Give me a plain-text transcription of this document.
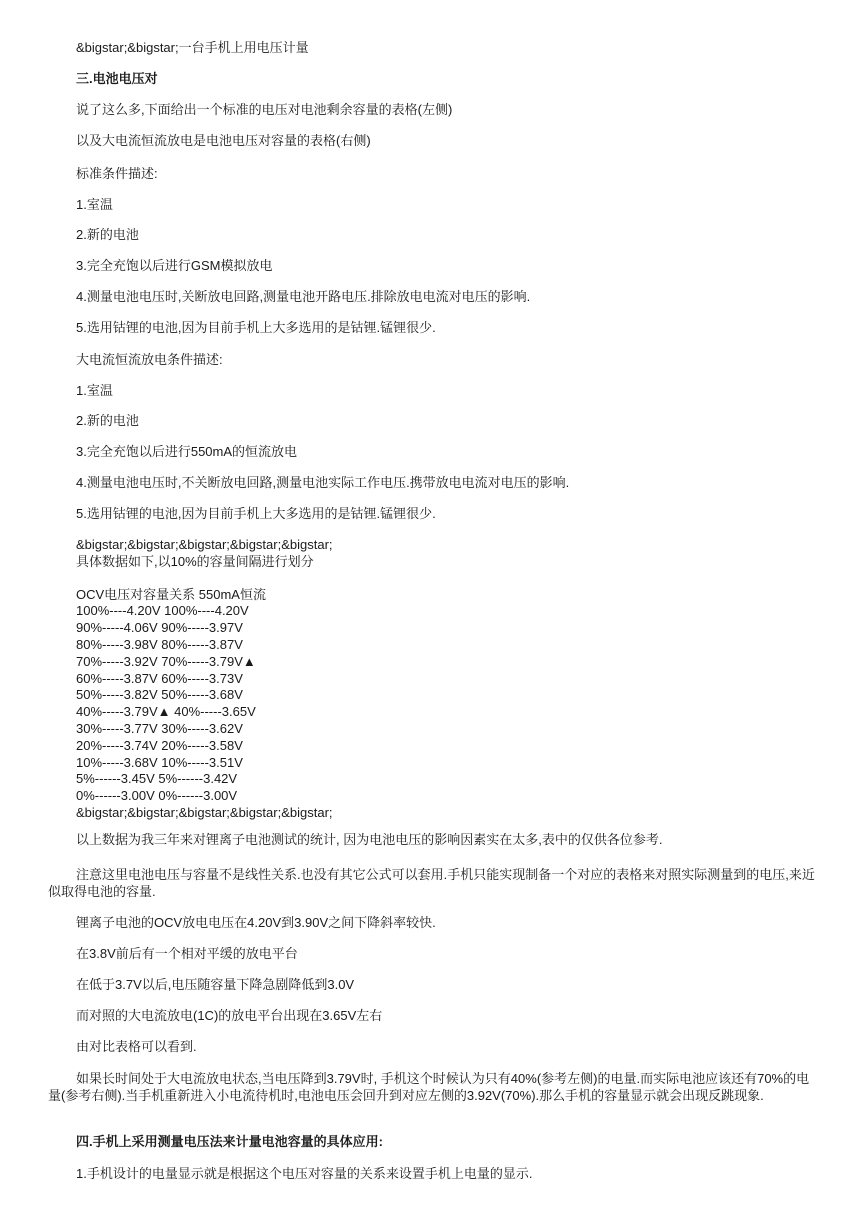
&bigstar;&bigstar;一台手机上用电压计量
三.电池电压对
说了这么多,下面给出一个标准的电压对电池剩余容量的表格(左侧)
以及大电流恒流放电是电池电压对容量的表格(右侧)
标准条件描述:
1.室温
2.新的电池
3.完全充饱以后进行GSM模拟放电
4.测量电池电压时,关断放电回路,测量电池开路电压.排除放电电流对电压的影响.
5.选用钴锂的电池,因为目前手机上大多选用的是钴锂.锰锂很少.
大电流恒流放电条件描述:
1.室温
2.新的电池
3.完全充饱以后进行550mA的恒流放电
4.测量电池电压时,不关断放电回路,测量电池实际工作电压.携带放电电流对电压的影响.
5.选用钴锂的电池,因为目前手机上大多选用的是钴锂.锰锂很少.
&bigstar;&bigstar;&bigstar;&bigstar;&bigstar;
具体数据如下,以10%的容量间隔进行划分
OCV电压对容量关系 550mA恒流
100%----4.20V 100%----4.20V
90%-----4.06V 90%-----3.97V
80%-----3.98V 80%-----3.87V
70%-----3.92V 70%-----3.79V▲
60%-----3.87V 60%-----3.73V
50%-----3.82V 50%-----3.68V
40%-----3.79V▲ 40%-----3.65V
30%-----3.77V 30%-----3.62V
20%-----3.74V 20%-----3.58V
10%-----3.68V 10%-----3.51V
5%------3.45V 5%------3.42V
0%------3.00V 0%------3.00V
&bigstar;&bigstar;&bigstar;&bigstar;&bigstar;
以上数据为我三年来对锂离子电池测试的统计, 因为电池电压的影响因素实在太多,表中的仅供各位参考.
注意这里电池电压与容量不是线性关系.也没有其它公式可以套用.手机只能实现制备一个对应的表格来对照实际测量到的电压,来近似取得电池的容量.
锂离子电池的OCV放电电压在4.20V到3.90V之间下降斜率较快.
在3.8V前后有一个相对平缓的放电平台
在低于3.7V以后,电压随容量下降急剧降低到3.0V
而对照的大电流放电(1C)的放电平台出现在3.65V左右
由对比表格可以看到.
如果长时间处于大电流放电状态,当电压降到3.79V时, 手机这个时候认为只有40%(参考左侧)的电量.而实际电池应该还有70%的电量(参考右侧).当手机重新进入小电流待机时,电池电压会回升到对应左侧的3.92V(70%).那么手机的容量显示就会出现反跳现象.
四.手机上采用测量电压法来计量电池容量的具体应用:
1.手机设计的电量显示就是根据这个电压对容量的关系来设置手机上电量的显示.
